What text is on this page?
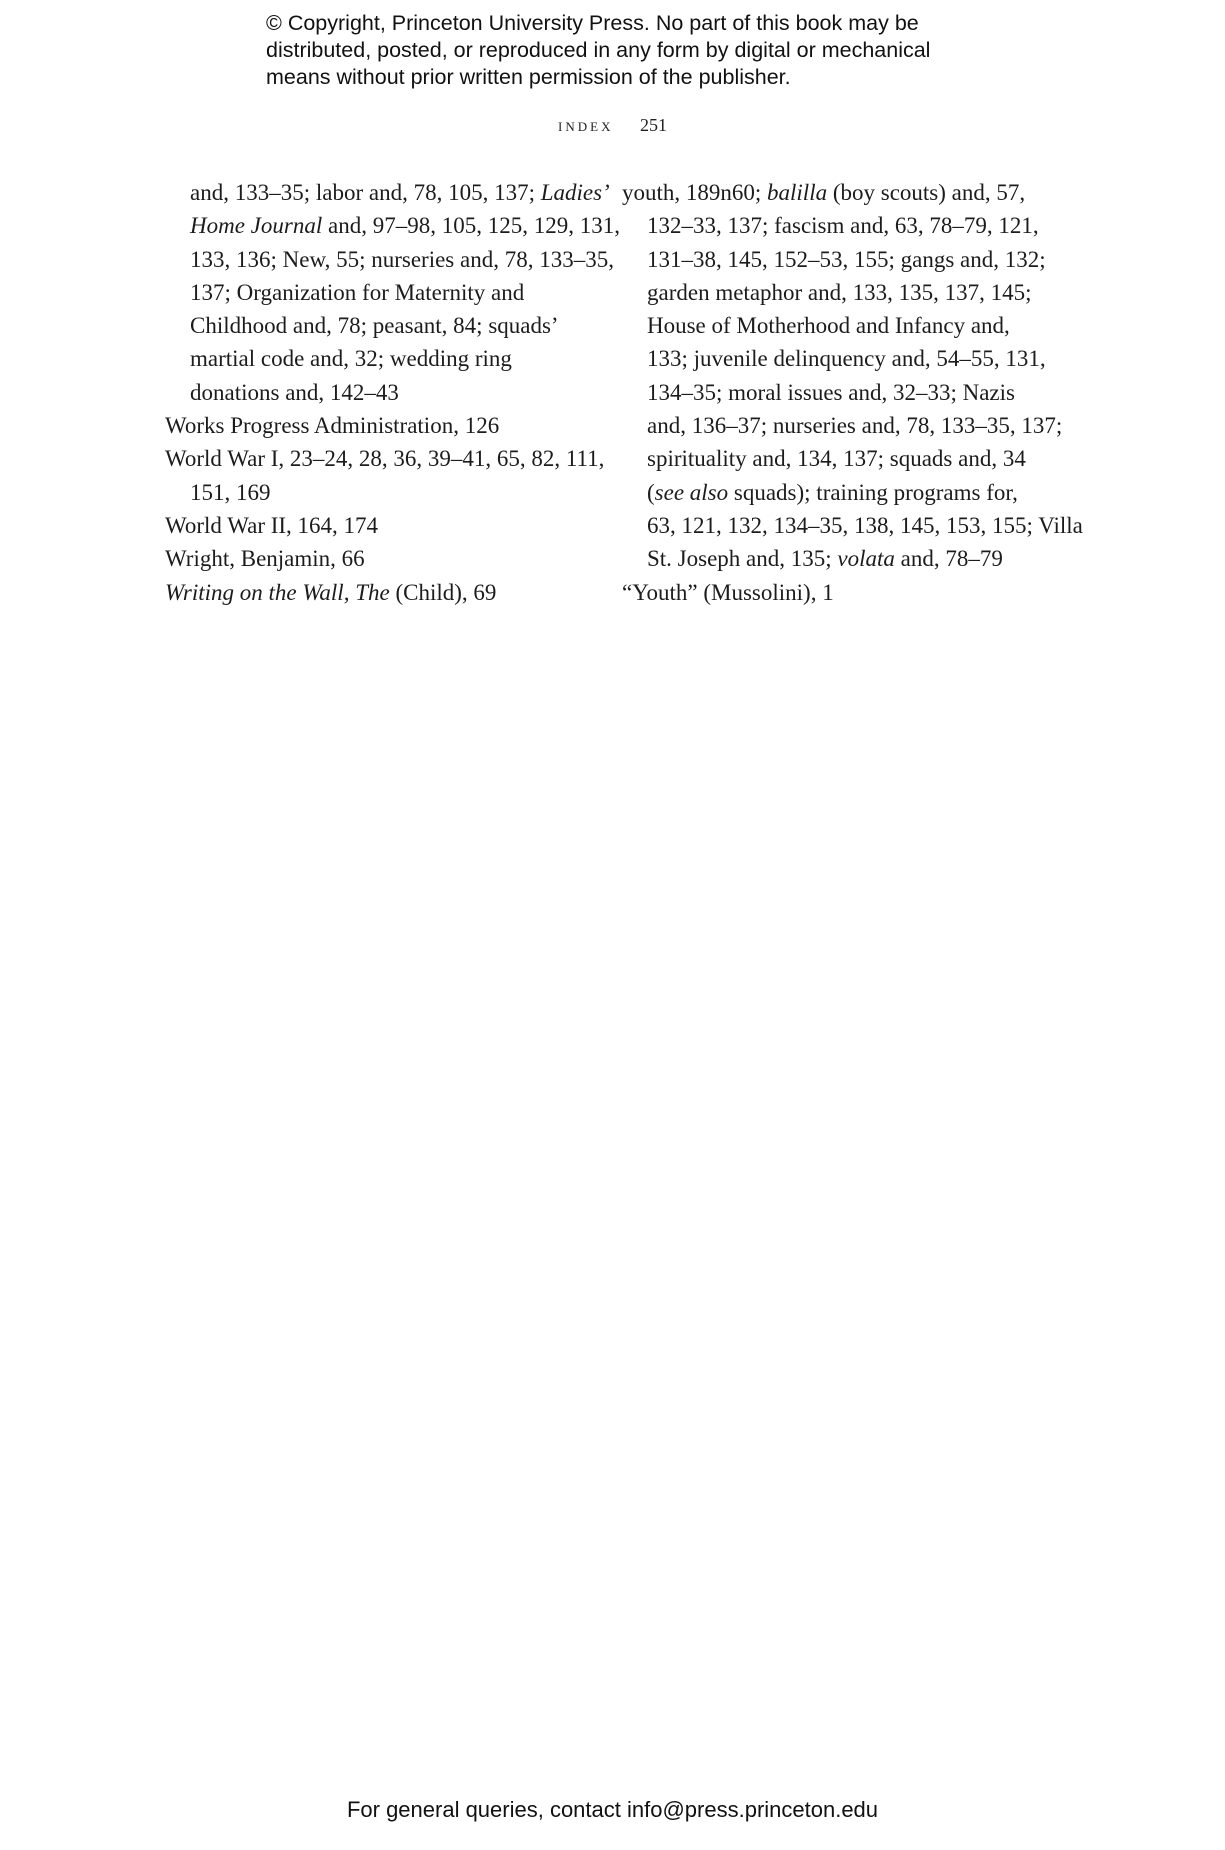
© Copyright, Princeton University Press. No part of this book may be
distributed, posted, or reproduced in any form by digital or mechanical
means without prior written permission of the publisher.
index 251
and, 133–35; labor and, 78, 105, 137; Ladies’
Home Journal and, 97–98, 105, 125, 129, 131,
133, 136; New, 55; nurseries and, 78, 133–35,
137; Organization for Maternity and
Childhood and, 78; peasant, 84; squads’
martial code and, 32; wedding ring
donations and, 142–43
Works Progress Administration, 126
World War I, 23–24, 28, 36, 39–41, 65, 82, 111,
151, 169
World War II, 164, 174
Wright, Benjamin, 66
Writing on the Wall, The (Child), 69
youth, 189n60; balilla (boy scouts) and, 57,
132–33, 137; fascism and, 63, 78–79, 121,
131–38, 145, 152–53, 155; gangs and, 132;
garden metaphor and, 133, 135, 137, 145;
House of Motherhood and Infancy and,
133; juvenile delinquency and, 54–55, 131,
134–35; moral issues and, 32–33; Nazis
and, 136–37; nurseries and, 78, 133–35, 137;
spirituality and, 134, 137; squads and, 34
(see also squads); training programs for,
63, 121, 132, 134–35, 138, 145, 153, 155; Villa
St. Joseph and, 135; volata and, 78–79
“Youth” (Mussolini), 1
For general queries, contact info@press.princeton.edu
